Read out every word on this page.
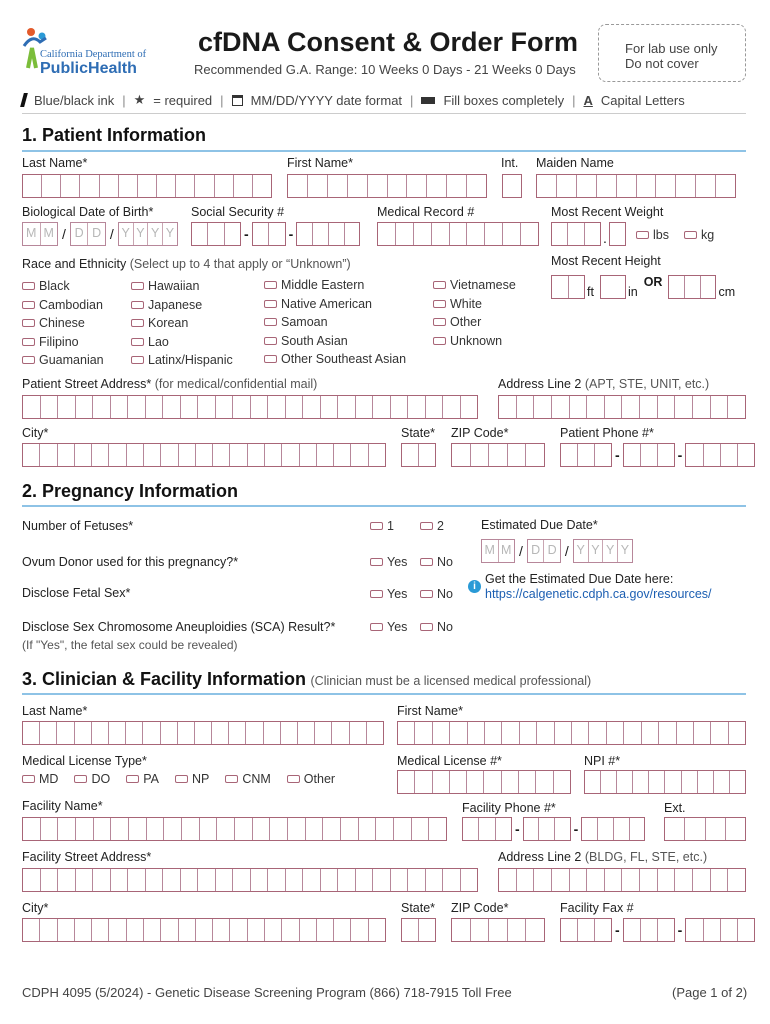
California Department of
PublicHealth
cfDNA Consent & Order Form
Recommended G.A. Range: 10 Weeks 0 Days - 21 Weeks 0 Days
For lab use only
Do not cover
Blue/black ink | ★ = required | MM/DD/YYYY date format | Fill boxes completely | A Capital Letters
1. Patient Information
Last Name*	First Name*	Int. Maiden Name
Biological Date of Birth*
M M / D D / Y Y Y Y
Social Security #
-	-
Medical Record #	Most Recent Weight
.	lbs	kg
Race and Ethnicity (Select up to 4 that apply or “Unknown”)
Black
Cambodian
Chinese
Filipino
Guamanian
Hawaiian
Japanese
Korean
Lao
Latinx/Hispanic
Middle Eastern
Native American
Samoan
South Asian
Other Southeast Asian
Vietnamese
White
Other
Unknown
Most Recent Height
ft	in
OR
cm
Patient Street Address* (for medical/confidential mail)	Address Line 2 (APT, STE, UNIT, etc.)
City*	State* ZIP Code*	Patient Phone #*
-	-
2. Pregnancy Information
Number of Fetuses*	1	2	Estimated Due Date*
M M / D D / Y Y Y Y
Ovum Donor used for this pregnancy?*	Yes No
Disclose Fetal Sex*	Yes No
i
Get the Estimated Due Date here:
https://calgenetic.cdph.ca.gov/resources/
Disclose Sex Chromosome Aneuploidies (SCA) Result?*
(If "Yes", the fetal sex could be revealed)
Yes No
3. Clinician & Facility Information (Clinician must be a licensed medical professional)
Last Name*	First Name*
Medical License Type*
MD	DO	PA	NP	CNM	Other
Medical License #*	NPI #*
Facility Name*	Facility Phone #*
-	-
Ext.
Facility Street Address*	Address Line 2 (BLDG, FL, STE, etc.)
City*	State* ZIP Code*	Facility Fax #
-	-
CDPH 4095 (5/2024) - Genetic Disease Screening Program (866) 718-7915 Toll Free	(Page 1 of 2)
